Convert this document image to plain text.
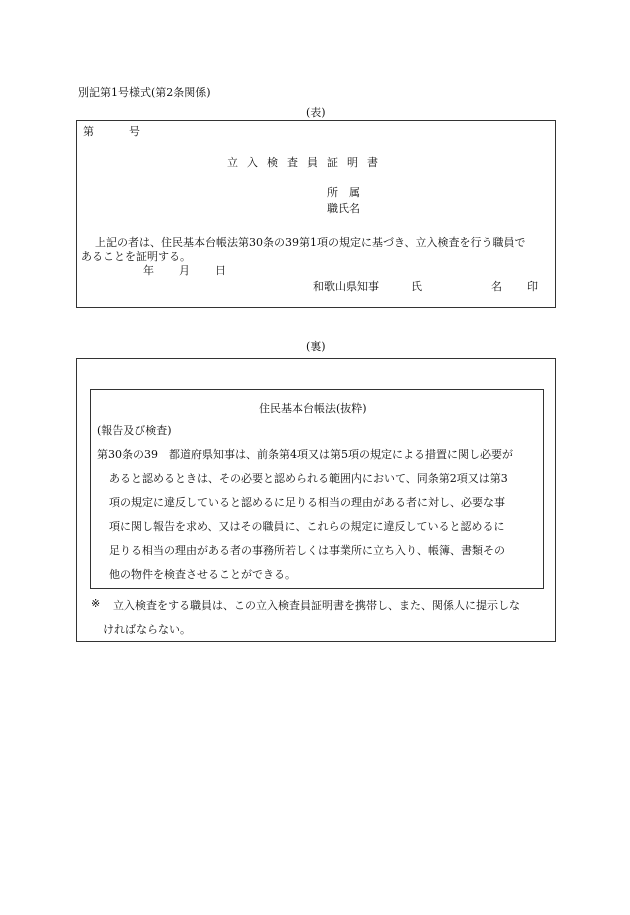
別記第1号様式(第2条関係)
(表)
第	号
立入検査員証明書
所　属
職氏名
上記の者は、住民基本台帳法第30条の39第1項の規定に基づき、立入検査を行う職員で
あることを証明する。
年 月 日
和歌山県知事	氏	名 印
(裏)
住民基本台帳法(抜粋)
(報告及び検査)
第30条の39　都道府県知事は、前条第4項又は第5項の規定による措置に関し必要が
あると認めるときは、その必要と認められる範囲内において、同条第2項又は第3
項の規定に違反していると認めるに足りる相当の理由がある者に対し、必要な事
項に関し報告を求め、又はその職員に、これらの規定に違反していると認めるに
足りる相当の理由がある者の事務所若しくは事業所に立ち入り、帳簿、書類その
他の物件を検査させることができる。
※ 立入検査をする職員は、この立入検査員証明書を携帯し、また、関係人に提示しな
ければならない。
